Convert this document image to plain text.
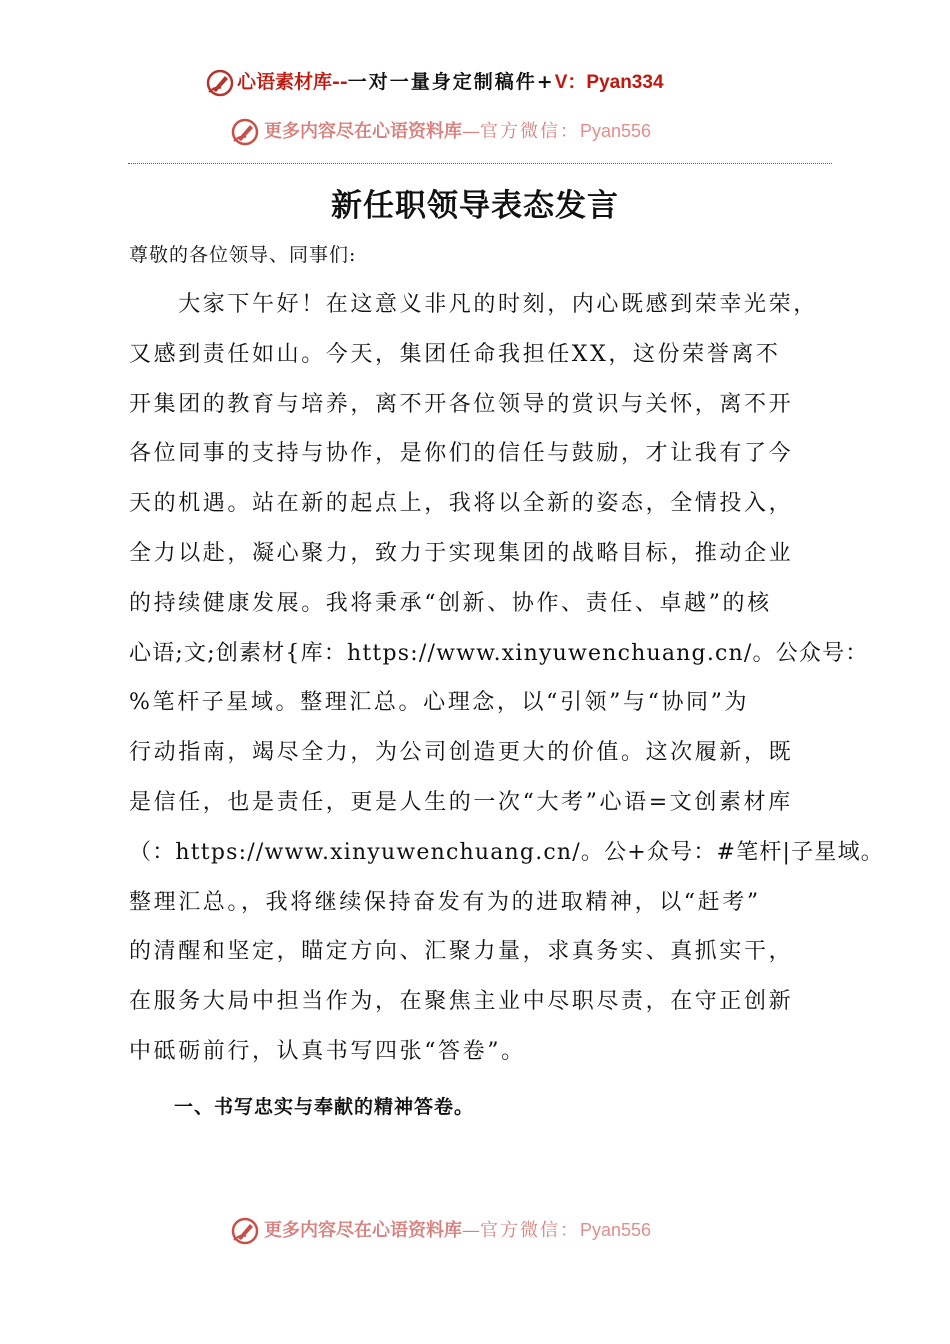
心语素材库--一对一量身定制稿件+V：Pyan334
更多内容尽在心语资料库—官方微信：Pyan556
新任职领导表态发言
尊敬的各位领导、同事们:
　　大家下午好！在这意义非凡的时刻，内心既感到荣幸光荣，
又感到责任如山。今天，集团任命我担任XX，这份荣誉离不
开集团的教育与培养，离不开各位领导的赏识与关怀，离不开
各位同事的支持与协作，是你们的信任与鼓励，才让我有了今
天的机遇。站在新的起点上，我将以全新的姿态，全情投入，
全力以赴，凝心聚力，致力于实现集团的战略目标，推动企业
的持续健康发展。我将秉承“创新、协作、责任、卓越”的核
心语;文;创素材{库：https://www.xinyuwenchuang.cn/。公众号：
%笔杆子星域。整理汇总。心理念，以“引领”与“协同”为
行动指南，竭尽全力，为公司创造更大的价值。这次履新，既
是信任，也是责任，更是人生的一次“大考”心语=文创素材库
（：https://www.xinyuwenchuang.cn/。公+众号：#笔杆|子星域。
整理汇总。，我将继续保持奋发有为的进取精神，以“赶考”
的清醒和坚定，瞄定方向、汇聚力量，求真务实、真抓实干，
在服务大局中担当作为，在聚焦主业中尽职尽责，在守正创新
中砥砺前行，认真书写四张“答卷”。
一、书写忠实与奉献的精神答卷。
更多内容尽在心语资料库—官方微信：Pyan556
